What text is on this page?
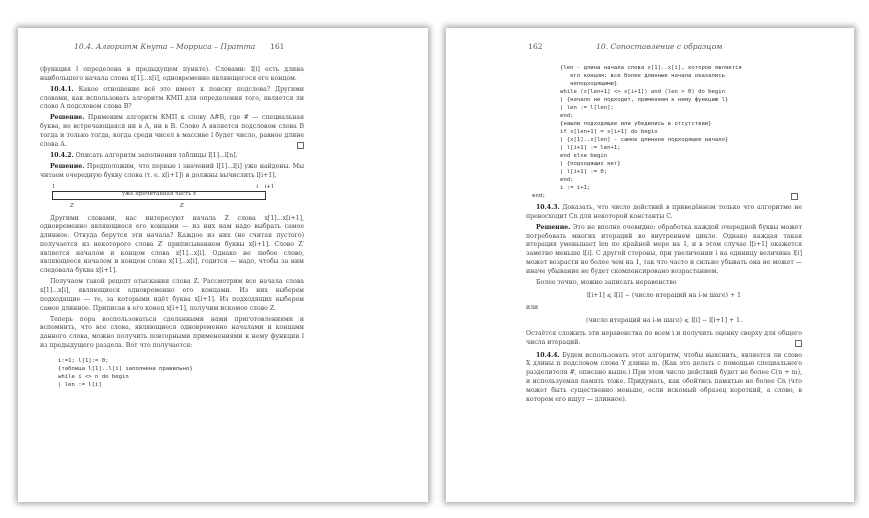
10.4. Алгоритм Кнута – Морриса – Пратта 161

(функция l определена в предыдущем пункте). Словами: l[i] есть длина наибольшего начала слова x[1]...x[i], одновременно являющегося его концом.

10.4.1. Какое отношение всё это имеет к поиску подслова? Другими словами, как использовать алгоритм КМП для определения того, является ли слово A подсловом слова B?

Решение. Применим алгоритм КМП к слову A#B, где # — специальная буква, не встречающаяся ни в A, ни в B. Слово A является подсловом слова B тогда и только тогда, когда среди чисел в массиве l будет число, равное длине слова A.

10.4.2. Описать алгоритм заполнения таблицы l[1]...l[n].

Решение. Предположим, что первые i значений l[1]...l[i] уже найдены. Мы читаем очередную букву слова (т. е. x[i+1]) и должны вычислить l[i+1].

1	i i+1
уже прочитанная часть x
Z	Z

Другими словами, нас интересуют начала Z слова x[1]...x[i+1], одновременно являющиеся его концами — из них нам надо выбрать самое длинное. Откуда берутся эти начала? Каждое из них (не считая пустого) получается из некоторого слова Z′ приписыванием буквы x[i+1]. Слово Z′ является началом и концом слова x[1]...x[i]. Однако не любое слово, являющееся началом и концом слова x[1]...x[i], годится — надо, чтобы за ним следовала буква x[i+1].

Получаем такой рецепт отыскания слова Z. Рассмотрим все начала слова x[1]...x[i], являющиеся одновременно его концами. Из них выберем подходящие — те, за которыми идёт буква x[i+1]. Из подходящих выберем самое длинное. Приписав в его конец x[i+1], получим искомое слово Z.

Теперь пора воспользоваться сделанными нами приготовлениями и вспомнить, что все слова, являющиеся одновременно началами и концами данного слова, можно получить повторными применениями к нему функции l из предыдущего раздела. Вот что получается:

i:=1; l[1]:= 0;
{таблица l[1]..l[i] заполнена правильно}
while i <> n do begin
| len := l[i]
162	10. Сопоставление с образцом
{len - длина начала слова x[1]..x[i], которое является
его концом; все более длинные начала оказались
неподходящими}
while (x[len+1] <> x[i+1]) and (len > 0) do begin
| {начало не подходит, применяем к нему функцию l}
| len := l[len];
end;
{нашли подходящее или убедились в отсутствии}
if x[len+1] = x[i+1] do begin
| {x[1]..x[len] - самое длинное подходящее начало}
| l[i+1] := len+1;
end else begin
| {подходящих нет}
| l[i+1] := 0;
end;
i := i+1;
end;

10.4.3. Доказать, что число действий в приведённом только что алгоритме не превосходит Cn для некоторой константы C.

Решение. Это не вполне очевидно: обработка каждой очередной буквы может потребовать многих итераций во внутреннем цикле. Однако каждая такая итерация уменьшает len по крайней мере на 1, и в этом случае l[i+1] окажется заметно меньше l[i]. С другой стороны, при увеличении i на единицу величина l[i] может возрасти не более чем на 1, так что часто и сильно убывать она не может — иначе убывание не будет скомпенсировано возрастанием.

Более точно, можно записать неравенство

l[i+1] ⩽ l[i] − (число итераций на i-м шаге) + 1

или

(число итераций на i-м шаге) ⩽ l[i] − l[i+1] + 1.

Остаётся сложить эти неравенства по всем i и получить оценку сверху для общего числа итераций.

10.4.4. Будем использовать этот алгоритм, чтобы выяснить, является ли слово X длины n подсловом слова Y длины m. (Как это делать с помощью специального разделителя #, описано выше.) При этом число действий будет не более C(n + m), и используемая память тоже. Придумать, как обойтись памятью не более Cn (что может быть существенно меньше, если искомый образец короткий, а слово, в котором его ищут — длинное).
